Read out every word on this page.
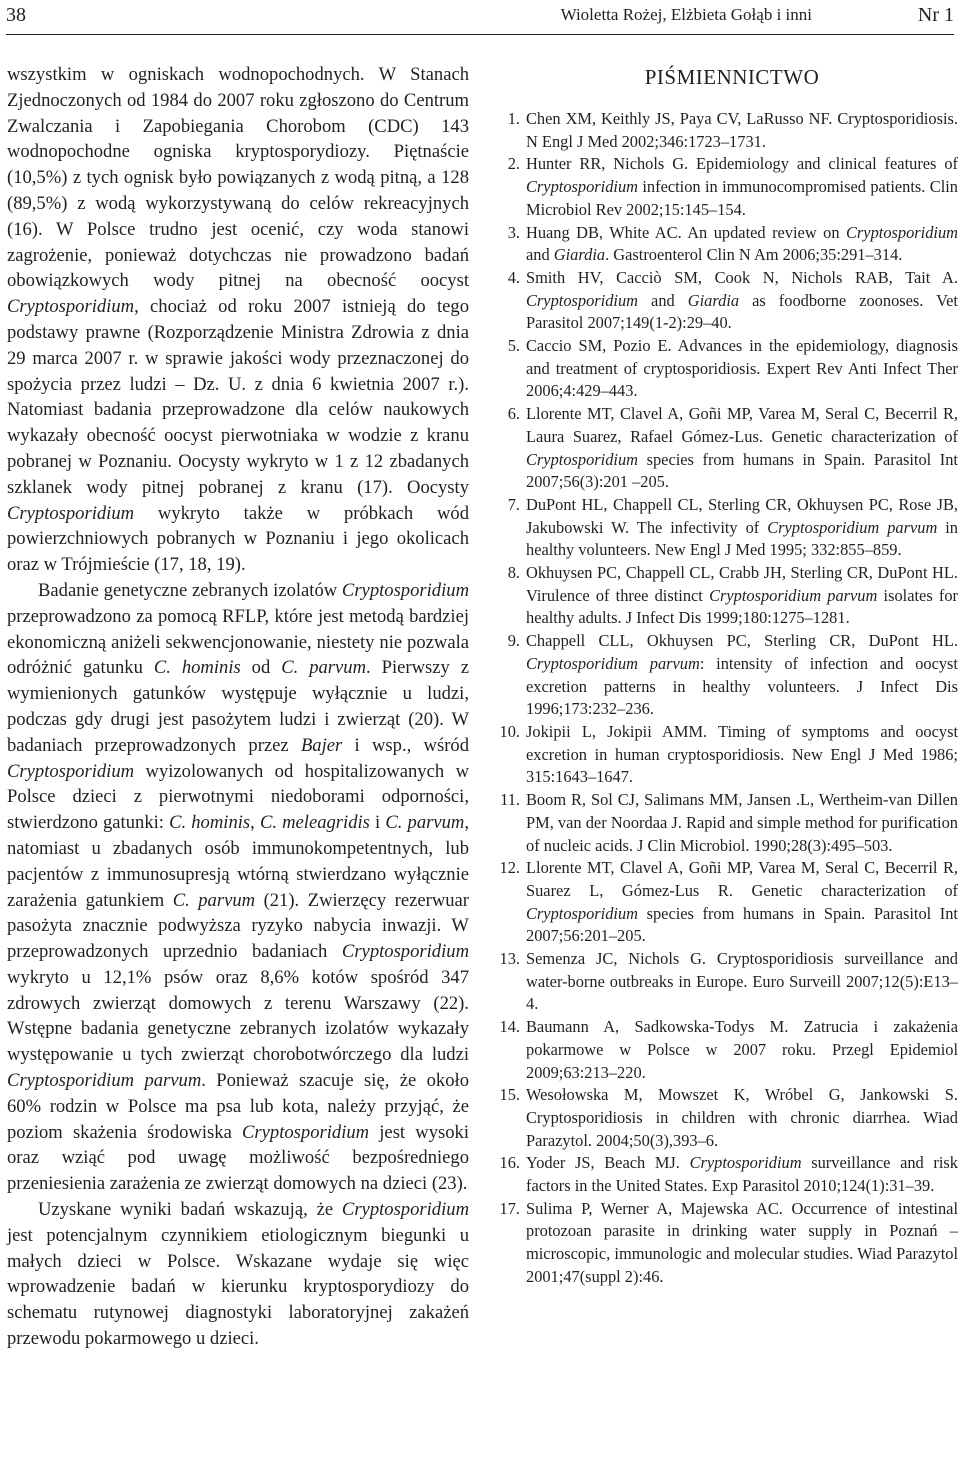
38	Wioletta Rożej, Elżbieta Gołąb i inni	Nr 1

wszystkim w ogniskach wodnopochodnych. W Stanach Zjednoczonych od 1984 do 2007 roku zgłoszono do Centrum Zwalczania i Zapobiegania Chorobom (CDC) 143 wodnopochodne ogniska kryptosporydiozy. Piętnaście (10,5%) z tych ognisk było powiązanych z wodą pitną, a 128 (89,5%) z wodą wykorzystywaną do celów rekreacyjnych (16). W Polsce trudno jest ocenić, czy woda stanowi zagrożenie, ponieważ dotychczas nie prowadzono badań obowiązkowych wody pitnej na obecność oocyst Cryptosporidium, chociaż od roku 2007 istnieją do tego podstawy prawne (Rozporządzenie Ministra Zdrowia z dnia 29 marca 2007 r. w sprawie jakości wody przeznaczonej do spożycia przez ludzi – Dz. U. z dnia 6 kwietnia 2007 r.). Natomiast badania przeprowadzone dla celów naukowych wykazały obecność oocyst pierwotniaka w wodzie z kranu pobranej w Poznaniu. Oocysty wykryto w 1 z 12 zbadanych szklanek wody pitnej pobranej z kranu (17). Oocysty Cryptosporidium wykryto także w próbkach wód powierzchniowych pobranych w Poznaniu i jego okolicach oraz w Trójmieście (17, 18, 19).

Badanie genetyczne zebranych izolatów Cryptosporidium przeprowadzono za pomocą RFLP, które jest metodą bardziej ekonomiczną aniżeli sekwencjonowanie, niestety nie pozwala odróżnić gatunku C. hominis od C. parvum. Pierwszy z wymienionych gatunków występuje wyłącznie u ludzi, podczas gdy drugi jest pasożytem ludzi i zwierząt (20). W badaniach przeprowadzonych przez Bajer i wsp., wśród Cryptosporidium wyizolowanych od hospitalizowanych w Polsce dzieci z pierwotnymi niedoborami odporności, stwierdzono gatunki: C. hominis, C. meleagridis i C. parvum, natomiast u zbadanych osób immunokompetentnych, lub pacjentów z immunosupresją wtórną stwierdzano wyłącznie zarażenia gatunkiem C. parvum (21). Zwierzęcy rezerwuar pasożyta znacznie podwyższa ryzyko nabycia inwazji. W przeprowadzonych uprzednio badaniach Cryptosporidium wykryto u 12,1% psów oraz 8,6% kotów spośród 347 zdrowych zwierząt domowych z terenu Warszawy (22). Wstępne badania genetyczne zebranych izolatów wykazały występowanie u tych zwierząt chorobotwórczego dla ludzi Cryptosporidium parvum. Ponieważ szacuje się, że około 60% rodzin w Polsce ma psa lub kota, należy przyjąć, że poziom skażenia środowiska Cryptosporidium jest wysoki oraz wziąć pod uwagę możliwość bezpośredniego przeniesienia zarażenia ze zwierząt domowych na dzieci (23).

Uzyskane wyniki badań wskazują, że Cryptosporidium jest potencjalnym czynnikiem etiologicznym biegunki u małych dzieci w Polsce. Wskazane wydaje się więc wprowadzenie badań w kierunku kryptosporydiozy do schematu rutynowej diagnostyki laboratoryjnej zakażeń przewodu pokarmowego u dzieci.

PIŚMIENNICTWO
1. Chen XM, Keithly JS, Paya CV, LaRusso NF. Cryptosporidiosis. N Engl J Med 2002;346:1723–1731.
2. Hunter RR, Nichols G. Epidemiology and clinical features of Cryptosporidium infection in immunocompromised patients. Clin Microbiol Rev 2002;15:145–154.
3. Huang DB, White AC. An updated review on Cryptosporidium and Giardia. Gastroenterol Clin N Am 2006;35:291–314.
4. Smith HV, Cacciò SM, Cook N, Nichols RAB, Tait A. Cryptosporidium and Giardia as foodborne zoonoses. Vet Parasitol 2007;149(1-2):29–40.
5. Caccio SM, Pozio E. Advances in the epidemiology, diagnosis and treatment of cryptosporidiosis. Expert Rev Anti Infect Ther 2006;4:429–443.
6. Llorente MT, Clavel A, Goñi MP, Varea M, Seral C, Becerril R, Laura Suarez, Rafael Gómez-Lus. Genetic characterization of Cryptosporidium species from humans in Spain. Parasitol Int 2007;56(3):201 –205.
7. DuPont HL, Chappell CL, Sterling CR, Okhuysen PC, Rose JB, Jakubowski W. The infectivity of Cryptosporidium parvum in healthy volunteers. New Engl J Med 1995; 332:855–859.
8. Okhuysen PC, Chappell CL, Crabb JH, Sterling CR, DuPont HL. Virulence of three distinct Cryptosporidium parvum isolates for healthy adults. J Infect Dis 1999;180:1275–1281.
9. Chappell CLL, Okhuysen PC, Sterling CR, DuPont HL. Cryptosporidium parvum: intensity of infection and oocyst excretion patterns in healthy volunteers. J Infect Dis 1996;173:232–236.
10. Jokipii L, Jokipii AMM. Timing of symptoms and oocyst excretion in human cryptosporidiosis. New Engl J Med 1986; 315:1643–1647.
11. Boom R, Sol CJ, Salimans MM, Jansen .L, Wertheim-van Dillen PM, van der Noordaa J. Rapid and simple method for purification of nucleic acids. J Clin Microbiol. 1990;28(3):495–503.
12. Llorente MT, Clavel A, Goñi MP, Varea M, Seral C, Becerril R, Suarez L, Gómez-Lus R. Genetic characterization of Cryptosporidium species from humans in Spain. Parasitol Int 2007;56:201–205.
13. Semenza JC, Nichols G. Cryptosporidiosis surveillance and water-borne outbreaks in Europe. Euro Surveill 2007;12(5):E13–4.
14. Baumann A, Sadkowska-Todys M. Zatrucia i zakażenia pokarmowe w Polsce w 2007 roku. Przegl Epidemiol 2009;63:213–220.
15. Wesołowska M, Mowszet K, Wróbel G, Jankowski S. Cryptosporidiosis in children with chronic diarrhea. Wiad Parazytol. 2004;50(3),393–6.
16. Yoder JS, Beach MJ. Cryptosporidium surveillance and risk factors in the United States. Exp Parasitol 2010;124(1):31–39.
17. Sulima P, Werner A, Majewska AC. Occurrence of intestinal protozoan parasite in drinking water supply in Poznań – microscopic, immunologic and molecular studies. Wiad Parazytol 2001;47(suppl 2):46.
